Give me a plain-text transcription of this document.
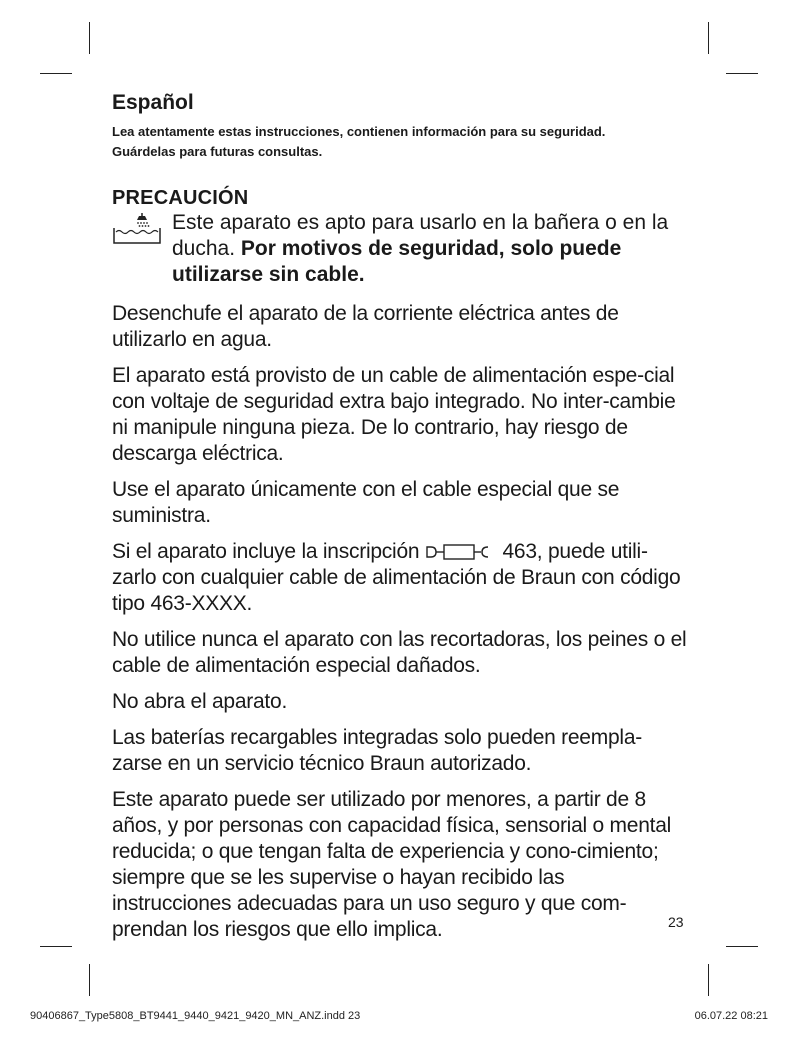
Español

Lea atentamente estas instrucciones, contienen información para su seguridad.
Guárdelas para futuras consultas.

PRECAUCIÓN

Este aparato es apto para usarlo en la bañera o en la ducha. Por motivos de seguridad, solo puede utilizarse sin cable.

Desenchufe el aparato de la corriente eléctrica antes de utilizarlo en agua.

El aparato está provisto de un cable de alimentación espe-cial con voltaje de seguridad extra bajo integrado. No inter-cambie ni manipule ninguna pieza. De lo contrario, hay riesgo de descarga eléctrica.

Use el aparato únicamente con el cable especial que se suministra.

Si el aparato incluye la inscripción	463, puede utili-zarlo con cualquier cable de alimentación de Braun con código tipo 463-XXXX.

No utilice nunca el aparato con las recortadoras, los peines o el cable de alimentación especial dañados.

No abra el aparato.

Las baterías recargables integradas solo pueden reempla-zarse en un servicio técnico Braun autorizado.

Este aparato puede ser utilizado por menores, a partir de 8 años, y por personas con capacidad física, sensorial o mental reducida; o que tengan falta de experiencia y cono-cimiento; siempre que se les supervise o hayan recibido las instrucciones adecuadas para un uso seguro y que com-prendan los riesgos que ello implica.	23
90406867_Type5808_BT9441_9440_9421_9420_MN_ANZ.indd 23	06.07.22 08:21
